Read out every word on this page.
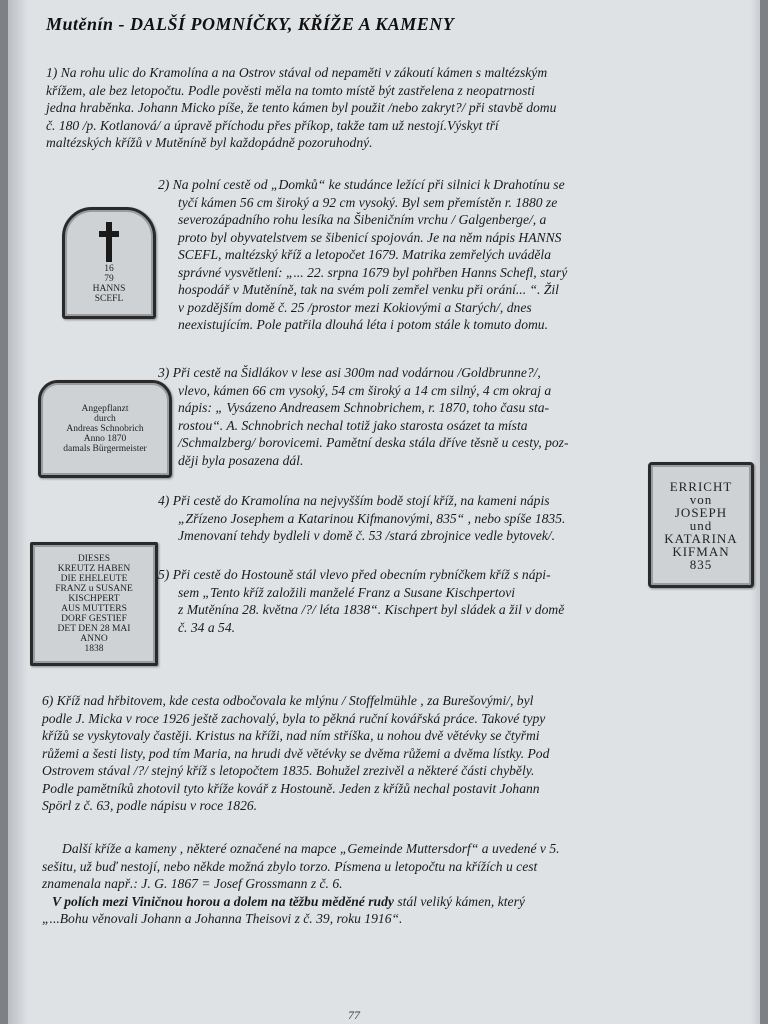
Mutěnín - DALŠÍ POMNÍČKY, KŘÍŽE A KAMENY
1) Na rohu ulic do Kramolína a na Ostrov stával od nepaměti v zákoutí kámen s maltézským
křížem, ale bez letopočtu. Podle pověsti měla na tomto místě být zastřelena z neopatrnosti
jedna hraběnka. Johann Micko píše, že tento kámen byl použit /nebo zakryt?/ při stavbě domu
č. 180 /p. Kotlanová/ a úpravě příchodu přes příkop, takže tam už nestojí.Výskyt tří
maltézských křížů v Mutěníně byl každopádně pozoruhodný.
16
79
HANNS
SCEFL
2) Na polní cestě od „Domků“ ke studánce ležící při silnici k Drahotínu se
tyčí kámen 56 cm široký a 92 cm vysoký. Byl sem přemístěn r. 1880 ze
severozápadního rohu lesíka na Šibeničním vrchu / Galgenberge/, a
proto byl obyvatelstvem se šibenicí spojován. Je na něm nápis HANNS
SCEFL, maltézský kříž a letopočet 1679. Matrika zemřelých uváděla
správné vysvětlení: „... 22. srpna 1679 byl pohřben Hanns Schefl, starý
hospodář v Mutěníně, tak na svém poli zemřel venku při orání... “. Žil
v pozdějším domě č. 25 /prostor mezi Kokiovými a Starých/, dnes
neexistujícím. Pole patřila dlouhá léta i potom stále k tomuto domu.
Angepflanzt
durch
Andreas Schnobrich
Anno 1870
damals Bürgermeister
3) Při cestě na Šidlákov v lese asi 300m nad vodárnou /Goldbrunne?/,
vlevo, kámen 66 cm vysoký, 54 cm široký a 14 cm silný, 4 cm okraj a
nápis: „ Vysázeno Andreasem Schnobrichem, r. 1870, toho času sta-
rostou“. A. Schnobrich nechal totiž jako starosta osázet ta místa
/Schmalzberg/ borovicemi. Pamětní deska stála dříve těsně u cesty, poz-
ději byla posazena dál.
ERRICHT
von
JOSEPH
und
KATARINA
KIFMAN
835
4) Při cestě do Kramolína na nejvyšším bodě stojí kříž, na kameni nápis
„Zřízeno Josephem a Katarinou Kifmanovými, 835“ , nebo spíše 1835.
Jmenovaní tehdy bydleli v domě č. 53 /stará zbrojnice vedle bytovek/.
DIESES
KREUTZ HABEN
DIE EHELEUTE
FRANZ u SUSANE
KISCHPERT
AUS MUTTERS
DORF GESTIEF
DET DEN 28 MAI
ANNO
1838
5) Při cestě do Hostouně stál vlevo před obecním rybníčkem kříž s nápi-
sem „Tento kříž založili manželé Franz a Susane Kischpertovi
z Mutěnína 28. května /?/ léta 1838“. Kischpert byl sládek a žil v domě
č. 34 a 54.
6) Kříž nad hřbitovem, kde cesta odbočovala ke mlýnu / Stoffelmühle , za Burešovými/, byl
podle J. Micka v roce 1926 ještě zachovalý, byla to pěkná ruční kovářská práce. Takové typy
křížů se vyskytovaly častěji. Kristus na kříži, nad ním stříška, u nohou dvě větévky se čtyřmi
růžemi a šesti listy, pod tím Maria, na hrudi dvě větévky se dvěma růžemi a dvěma lístky. Pod
Ostrovem stával /?/ stejný kříž s letopočtem 1835. Bohužel zrezivěl a některé části chyběly.
Podle pamětníků zhotovil tyto kříže kovář z Hostouně. Jeden z křížů nechal postavit Johann
Spörl z č. 63, podle nápisu v roce 1826.
Další kříže a kameny , některé označené na mapce „Gemeinde Muttersdorf“ a uvedené v 5.
sešitu, už buď nestojí, nebo někde možná zbylo torzo. Písmena u letopočtu na křížích u cest
znamenala např.: J. G. 1867 = Josef Grossmann z č. 6.
V polích mezi Viničnou horou a dolem na těžbu měděné rudy stál veliký kámen, který
„...Bohu věnovali Johann a Johanna Theisovi z č. 39, roku 1916“.
77
